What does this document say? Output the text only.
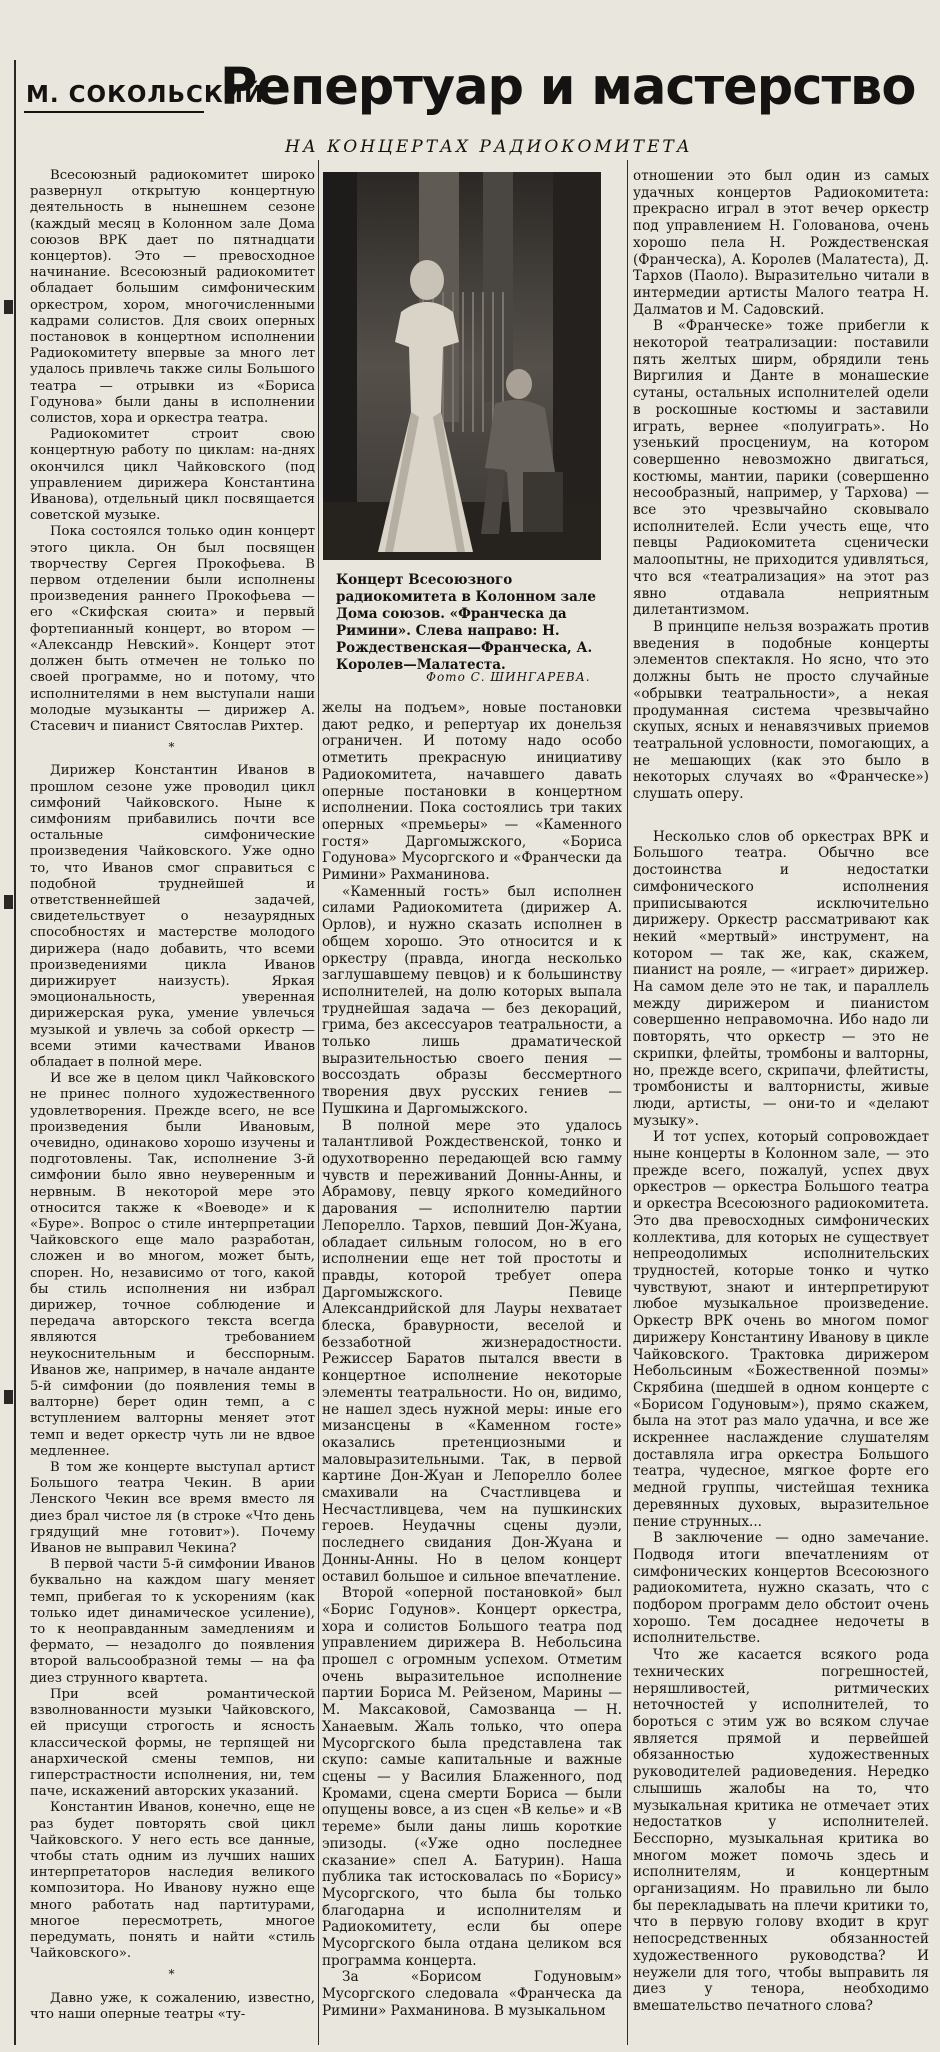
М. СОКОЛЬСКИЙ
Репертуар и мастерство
НА КОНЦЕРТАХ РАДИОКОМИТЕТА
Концерт Всесоюзного радиокомитета в Колонном зале Дома союзов. «Франческа да Римини». Слева направо: Н. Рождественская—Франческа, А. Королев—Малатеста.
Фото С. ШИНГАРЕВА.

Всесоюзный радиокомитет широко развернул открытую концертную деятельность в нынешнем сезоне (каждый месяц в Колонном зале Дома союзов ВРК дает по пятнадцати концертов). Это — превосходное начинание. Всесоюзный радиокомитет обладает большим симфоническим оркестром, хором, многочисленными кадрами солистов. Для своих оперных постановок в концертном исполнении Радиокомитету впервые за много лет удалось привлечь также силы Большого театра — отрывки из «Бориса Годунова» были даны в исполнении солистов, хора и оркестра театра.

Радиокомитет строит свою концертную работу по циклам: на-днях окончился цикл Чайковского (под управлением дирижера Константина Иванова), отдельный цикл посвящается советской музыке.

Пока состоялся только один концерт этого цикла. Он был посвящен творчеству Сергея Прокофьева. В первом отделении были исполнены произведения раннего Прокофьева — его «Скифская сюита» и первый фортепианный концерт, во втором — «Александр Невский». Концерт этот должен быть отмечен не только по своей программе, но и потому, что исполнителями в нем выступали наши молодые музыканты — дирижер А. Стасевич и пианист Святослав Рихтер.

*

Дирижер Константин Иванов в прошлом сезоне уже проводил цикл симфоний Чайковского. Ныне к симфониям прибавились почти все остальные симфонические произведения Чайковского. Уже одно то, что Иванов смог справиться с подобной труднейшей и ответственнейшей задачей, свидетельствует о незаурядных способностях и мастерстве молодого дирижера (надо добавить, что всеми произведениями цикла Иванов дирижирует наизусть). Яркая эмоциональность, уверенная дирижерская рука, умение увлечься музыкой и увлечь за собой оркестр — всеми этими качествами Иванов обладает в полной мере.

И все же в целом цикл Чайковского не принес полного художественного удовлетворения. Прежде всего, не все произведения были Ивановым, очевидно, одинаково хорошо изучены и подготовлены. Так, исполнение 3-й симфонии было явно неуверенным и нервным. В некоторой мере это относится также к «Воеводе» и к «Буре». Вопрос о стиле интерпретации Чайковского еще мало разработан, сложен и во многом, может быть, спорен. Но, независимо от того, какой бы стиль исполнения ни избрал дирижер, точное соблюдение и передача авторского текста всегда являются требованием неукоснительным и бесспорным. Иванов же, например, в начале анданте 5-й симфонии (до появления темы в валторне) берет один темп, а с вступлением валторны меняет этот темп и ведет оркестр чуть ли не вдвое медленнее.

В том же концерте выступал артист Большого театра Чекин. В арии Ленского Чекин все время вместо ля диез брал чистое ля (в строке «Что день грядущий мне готовит»). Почему Иванов не выправил Чекина?

В первой части 5-й симфонии Иванов буквально на каждом шагу меняет темп, прибегая то к ускорениям (как только идет динамическое усиление), то к неоправданным замедлениям и фермато, — незадолго до появления второй вальсообразной темы — на фа диез струнного квартета.

При всей романтической взволнованности музыки Чайковского, ей присущи строгость и ясность классической формы, не терпящей ни анархической смены темпов, ни гиперстрастности исполнения, ни, тем паче, искажений авторских указаний.

Константин Иванов, конечно, еще не раз будет повторять свой цикл Чайковского. У него есть все данные, чтобы стать одним из лучших наших интерпретаторов наследия великого композитора. Но Иванову нужно еще много работать над партитурами, многое пересмотреть, многое передумать, понять и найти «стиль Чайковского».

*

Давно уже, к сожалению, известно, что наши оперные театры «ту-

желы на подъем», новые постановки дают редко, и репертуар их донельзя ограничен. И потому надо особо отметить прекрасную инициативу Радиокомитета, начавшего давать оперные постановки в концертном исполнении. Пока состоялись три таких оперных «премьеры» — «Каменного гостя» Даргомыжского, «Бориса Годунова» Мусоргского и «Франчески да Римини» Рахманинова.

«Каменный гость» был исполнен силами Радиокомитета (дирижер А. Орлов), и нужно сказать исполнен в общем хорошо. Это относится и к оркестру (правда, иногда несколько заглушавшему певцов) и к большинству исполнителей, на долю которых выпала труднейшая задача — без декораций, грима, без аксессуаров театральности, а только лишь драматической выразительностью своего пения — воссоздать образы бессмертного творения двух русских гениев — Пушкина и Даргомыжского.

В полной мере это удалось талантливой Рождественской, тонко и одухотворенно передающей всю гамму чувств и переживаний Донны-Анны, и Абрамову, певцу яркого комедийного дарования — исполнителю партии Лепорелло. Тархов, певший Дон-Жуана, обладает сильным голосом, но в его исполнении еще нет той простоты и правды, которой требует опера Даргомыжского. Певице Александрийской для Лауры нехватает блеска, бравурности, веселой и беззаботной жизнерадостности. Режиссер Баратов пытался ввести в концертное исполнение некоторые элементы театральности. Но он, видимо, не нашел здесь нужной меры: иные его мизансцены в «Каменном госте» оказались претенциозными и маловыразительными. Так, в первой картине Дон-Жуан и Лепорелло более смахивали на Счастливцева и Несчастливцева, чем на пушкинских героев. Неудачны сцены дуэли, последнего свидания Дон-Жуана и Донны-Анны. Но в целом концерт оставил большое и сильное впечатление.

Второй «оперной постановкой» был «Борис Годунов». Концерт оркестра, хора и солистов Большого театра под управлением дирижера В. Небольсина прошел с огромным успехом. Отметим очень выразительное исполнение партии Бориса М. Рейзеном, Марины — М. Максаковой, Самозванца — Н. Ханаевым. Жаль только, что опера Мусоргского была представлена так скупо: самые капитальные и важные сцены — у Василия Блаженного, под Кромами, сцена смерти Бориса — были опущены вовсе, а из сцен «В келье» и «В тереме» были даны лишь короткие эпизоды. («Уже одно последнее сказание» спел А. Батурин). Наша публика так истосковалась по «Борису» Мусоргского, что была бы только благодарна и исполнителям и Радиокомитету, если бы опере Мусоргского была отдана целиком вся программа концерта.

За «Борисом Годуновым» Мусоргского следовала «Франческа да Римини» Рахманинова. В музыкальном

отношении это был один из самых удачных концертов Радиокомитета: прекрасно играл в этот вечер оркестр под управлением Н. Голованова, очень хорошо пела Н. Рождественская (Франческа), А. Королев (Малатеста), Д. Тархов (Паоло). Выразительно читали в интермедии артисты Малого театра Н. Далматов и М. Садовский.

В «Франческе» тоже прибегли к некоторой театрализации: поставили пять желтых ширм, обрядили тень Виргилия и Данте в монашеские сутаны, остальных исполнителей одели в роскошные костюмы и заставили играть, вернее «полуиграть». Но узенький просцениум, на котором совершенно невозможно двигаться, костюмы, мантии, парики (совершенно несообразный, например, у Тархова) — все это чрезвычайно сковывало исполнителей. Если учесть еще, что певцы Радиокомитета сценически малоопытны, не приходится удивляться, что вся «театрализация» на этот раз явно отдавала неприятным дилетантизмом.

В принципе нельзя возражать против введения в подобные концерты элементов спектакля. Но ясно, что это должны быть не просто случайные «обрывки театральности», а некая продуманная система чрезвычайно скупых, ясных и ненавязчивых приемов театральной условности, помогающих, а не мешающих (как это было в некоторых случаях во «Франческе») слушать оперу.

Несколько слов об оркестрах ВРК и Большого театра. Обычно все достоинства и недостатки симфонического исполнения приписываются исключительно дирижеру. Оркестр рассматривают как некий «мертвый» инструмент, на котором — так же, как, скажем, пианист на рояле, — «играет» дирижер. На самом деле это не так, и параллель между дирижером и пианистом совершенно неправомочна. Ибо надо ли повторять, что оркестр — это не скрипки, флейты, тромбоны и валторны, но, прежде всего, скрипачи, флейтисты, тромбонисты и валторнисты, живые люди, артисты, — они-то и «делают музыку».

И тот успех, который сопровождает ныне концерты в Колонном зале, — это прежде всего, пожалуй, успех двух оркестров — оркестра Большого театра и оркестра Всесоюзного радиокомитета. Это два превосходных симфонических коллектива, для которых не существует непреодолимых исполнительских трудностей, которые тонко и чутко чувствуют, знают и интерпретируют любое музыкальное произведение. Оркестр ВРК очень во многом помог дирижеру Константину Иванову в цикле Чайковского. Трактовка дирижером Небольсиным «Божественной поэмы» Скрябина (шедшей в одном концерте с «Борисом Годуновым»), прямо скажем, была на этот раз мало удачна, и все же искреннее наслаждение слушателям доставляла игра оркестра Большого театра, чудесное, мягкое форте его медной группы, чистейшая техника деревянных духовых, выразительное пение струнных...

В заключение — одно замечание. Подводя итоги впечатлениям от симфонических концертов Всесоюзного радиокомитета, нужно сказать, что с подбором программ дело обстоит очень хорошо. Тем досаднее недочеты в исполнительстве.

Что же касается всякого рода технических погрешностей, неряшливостей, ритмических неточностей у исполнителей, то бороться с этим уж во всяком случае является прямой и первейшей обязанностью художественных руководителей радиоведения. Нередко слышишь жалобы на то, что музыкальная критика не отмечает этих недостатков у исполнителей. Бесспорно, музыкальная критика во многом может помочь здесь и исполнителям, и концертным организациям. Но правильно ли было бы перекладывать на плечи критики то, что в первую голову входит в круг непосредственных обязанностей художественного руководства? И неужели для того, чтобы выправить ля диез у тенора, необходимо вмешательство печатного слова?
